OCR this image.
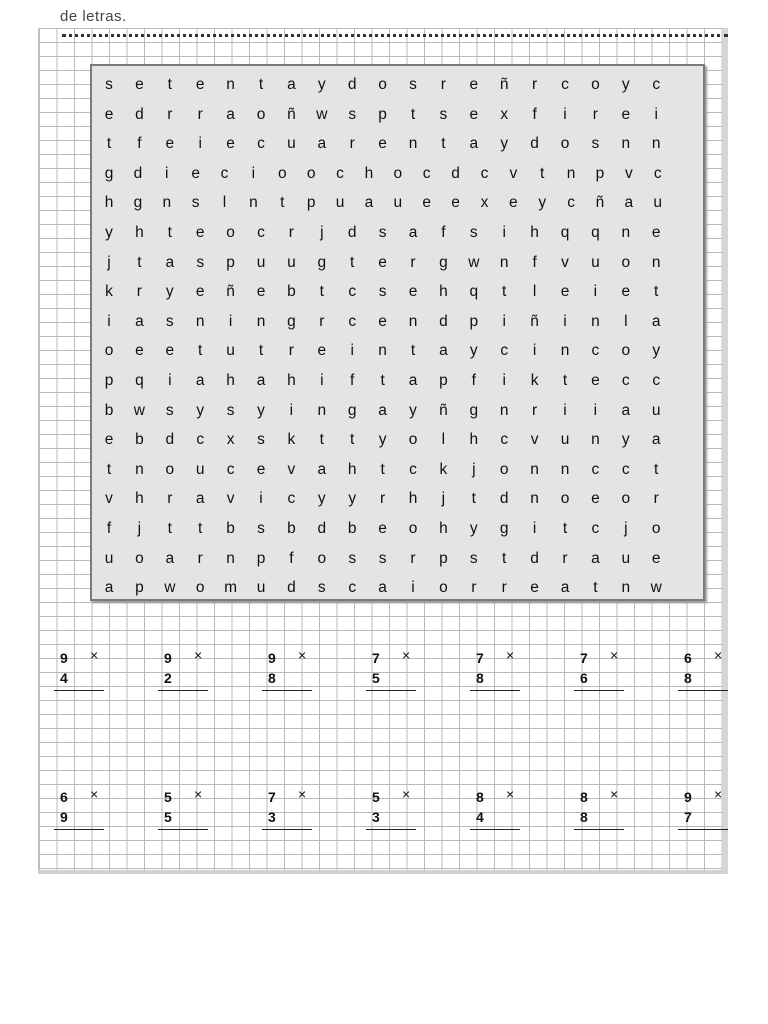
de letras.
s	e	t	e	n	t	a	y	d	o	s	r	e	ñ	r	c	o	y	c
e	d	r	r	a	o	ñ	w	s	p	t	s	e	x	f	i	r	e	i
t	f	e	i	e	c	u	a	r	e	n	t	a	y	d	o	s	n	n
g	d	i	e	c	i	o	o	c	h	o	c	d	c	v	t	n	p	v	c
h	g	n	s	l	n	t	p	u	a	u	e	e	x	e	y	c	ñ	a	u
y	h	t	e	o	c	r	j	d	s	a	f	s	i	h	q	q	n	e
j	t	a	s	p	u	u	g	t	e	r	g	w	n	f	v	u	o	n
k	r	y	e	ñ	e	b	t	c	s	e	h	q	t	l	e	i	e	t
i	a	s	n	i	n	g	r	c	e	n	d	p	i	ñ	i	n	l	a
o	e	e	t	u	t	r	e	i	n	t	a	y	c	i	n	c	o	y
p	q	i	a	h	a	h	i	f	t	a	p	f	i	k	t	e	c	c
b	w	s	y	s	y	i	n	g	a	y	ñ	g	n	r	i	i	a	u
e	b	d	c	x	s	k	t	t	y	o	l	h	c	v	u	n	y	a
t	n	o	u	c	e	v	a	h	t	c	k	j	o	n	n	c	c	t
v	h	r	a	v	i	c	y	y	r	h	j	t	d	n	o	e	o	r
f	j	t	t	b	s	b	d	b	e	o	h	y	g	i	t	c	j	o
u	o	a	r	n	p	f	o	s	s	r	p	s	t	d	r	a	u	e
a	p	w	o	m	u	d	s	c	a	i	o	r	r	e	a	t	n	w
9 ×
4
9 ×
2
9 ×
8
7 ×
5
7 ×
8
7 ×
6
6 ×
8
6 ×
9
5 ×
5
7 ×
3
5 ×
3
8 ×
4
8 ×
8
9 ×
7
